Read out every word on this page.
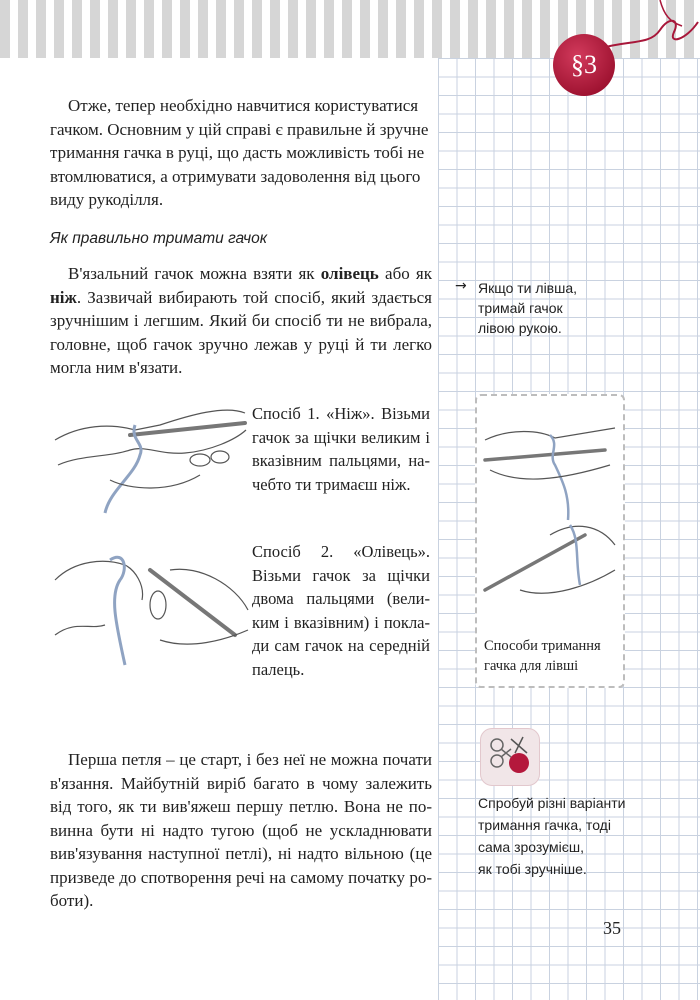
§3
Отже, тепер необхідно навчитися користуватися
гачком. Основним у цій справі є правильне й зручне
тримання гачка в руці, що дасть можливість тобі не
втомлюватися, а отримувати задоволення від цього
виду рукоділля.
Як правильно тримати гачок

В'язальний гачок можна взяти як олівець або як ніж. Зазвичай вибирають той спосіб, який здається зручнішим і легшим. Який би спосіб ти не вибрала, головне, щоб гачок зручно лежав у руці й ти легко могла ним в'язати.

→ Якщо ти лівша,
тримай гачок
лівою рукою.
Спосіб 1. «Ніж». Візьми гачок за щічки великим і вказівним пальцями, на-чебто ти тримаєш ніж.
Спосіб 2. «Олівець». Візьми гачок за щічки двома пальцями (вели-ким і вказівним) і покла-ди сам гачок на середній палець.
Способи тримання гачка для лівші

Перша петля – це старт, і без неї не можна почати в'язання. Майбутній виріб багато в чому залежить від того, як ти вив'яжеш першу петлю. Вона не по-винна бути ні надто тугою (щоб не ускладнювати вив'язування наступної петлі), ні надто вільною (це призведе до спотворення речі на самому початку ро-боти).

Спробуй різні варіанти
тримання гачка, тоді
сама зрозумієш,
як тобі зручніше.
35
